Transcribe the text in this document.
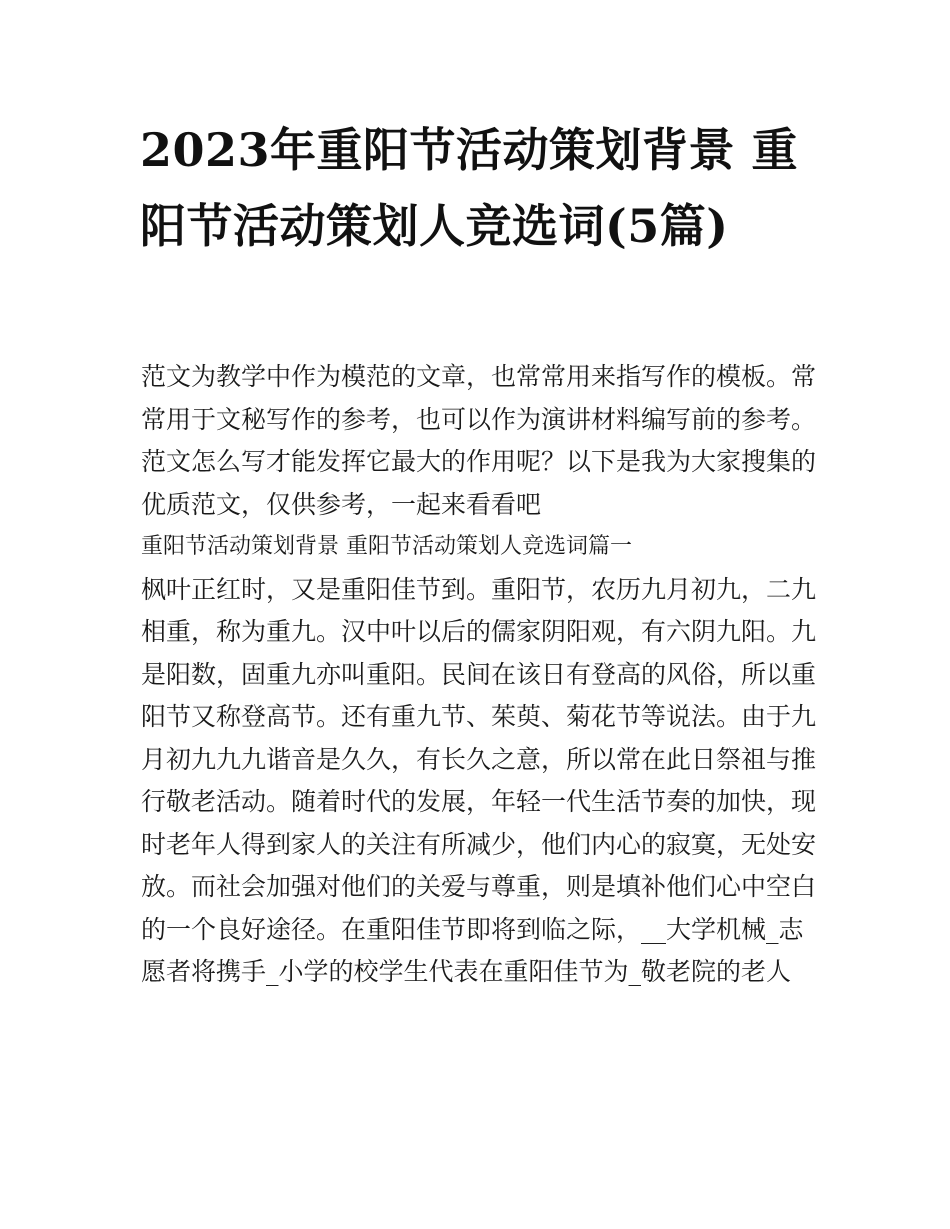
2023年重阳节活动策划背景 重阳节活动策划人竞选词(5篇)

范文为教学中作为模范的文章，也常常用来指写作的模板。常常用于文秘写作的参考，也可以作为演讲材料编写前的参考。范文怎么写才能发挥它最大的作用呢？以下是我为大家搜集的优质范文，仅供参考，一起来看看吧

重阳节活动策划背景 重阳节活动策划人竞选词篇一

枫叶正红时，又是重阳佳节到。重阳节，农历九月初九，二九相重，称为重九。汉中叶以后的儒家阴阳观，有六阴九阳。九是阳数，固重九亦叫重阳。民间在该日有登高的风俗，所以重阳节又称登高节。还有重九节、茱萸、菊花节等说法。由于九月初九九九谐音是久久，有长久之意，所以常在此日祭祖与推行敬老活动。随着时代的发展，年轻一代生活节奏的加快，现时老年人得到家人的关注有所减少，他们内心的寂寞，无处安放。而社会加强对他们的关爱与尊重，则是填补他们心中空白的一个良好途径。在重阳佳节即将到临之际，__大学机械_志愿者将携手_小学的校学生代表在重阳佳节为_敬老院的老人
